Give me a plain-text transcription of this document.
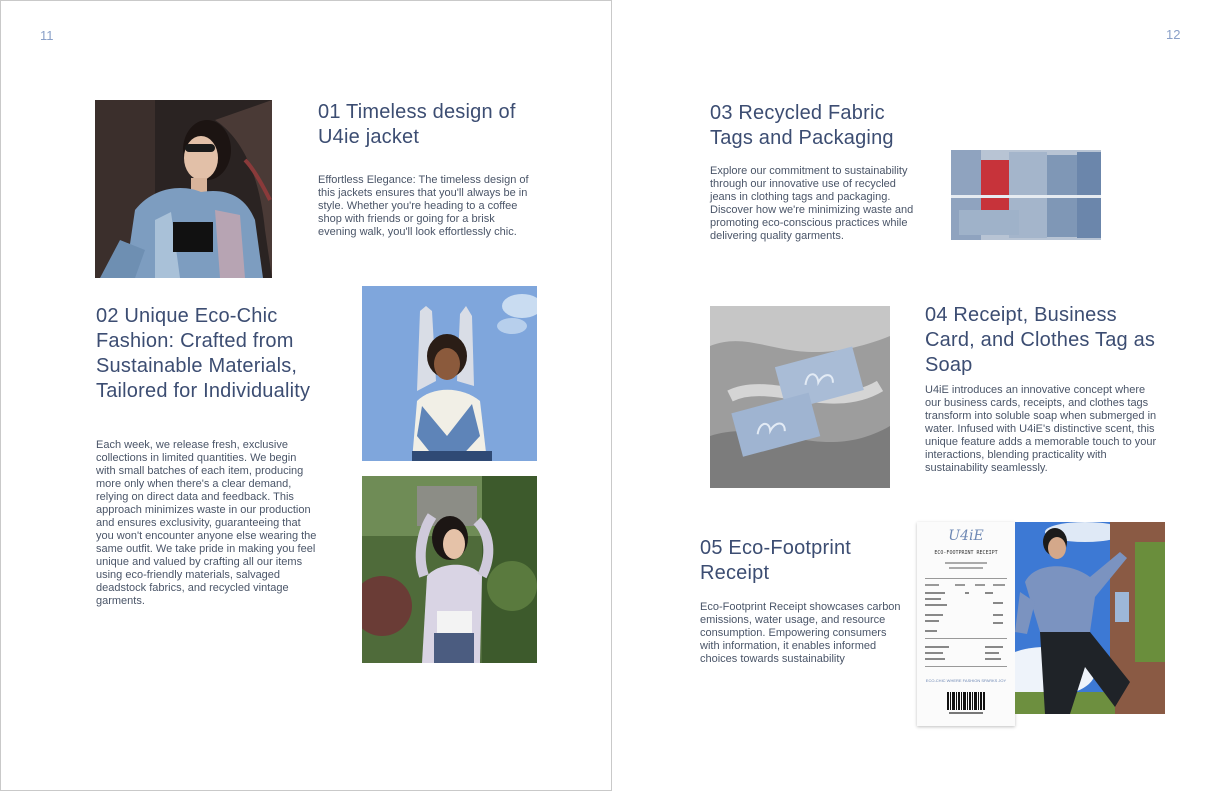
11
01 Timeless design of U4ie jacket

Effortless Elegance: The timeless design of this jackets ensures that you'll always be in style. Whether you're heading to a coffee shop with friends or going for a brisk evening walk, you'll look effortlessly chic.

02 Unique Eco-Chic Fashion: Crafted from Sustainable Materials, Tailored for Individuality

Each week, we release fresh, exclusive collections in limited quantities. We begin with small batches of each item, producing more only when there's a clear demand, relying on direct data and feedback. This approach minimizes waste in our production and ensures exclusivity, guaranteeing that you won't encounter anyone else wearing the same outfit. We take pride in making you feel unique and valued by crafting all our items using eco-friendly materials, salvaged deadstock fabrics, and recycled vintage garments.

12
03 Recycled Fabric Tags and Packaging

Explore our commitment to sustainability through our innovative use of recycled jeans in clothing tags and packaging. Discover how we're minimizing waste and promoting eco-conscious practices while delivering quality garments.

04 Receipt, Business Card, and Clothes Tag as Soap

U4iE introduces an innovative concept where our business cards, receipts, and clothes tags transform into soluble soap when submerged in water. Infused with U4iE's distinctive scent, this unique feature adds a memorable touch to your interactions, blending practicality with sustainability seamlessly.

05 Eco-Footprint Receipt

Eco-Footprint Receipt showcases carbon emissions, water usage, and resource consumption. Empowering consumers with information, it enables informed choices towards sustainability

U4iE
ECO-FOOTPRINT RECEIPT
ECO-CHIC WHERE FASHION SPARKS JOY
